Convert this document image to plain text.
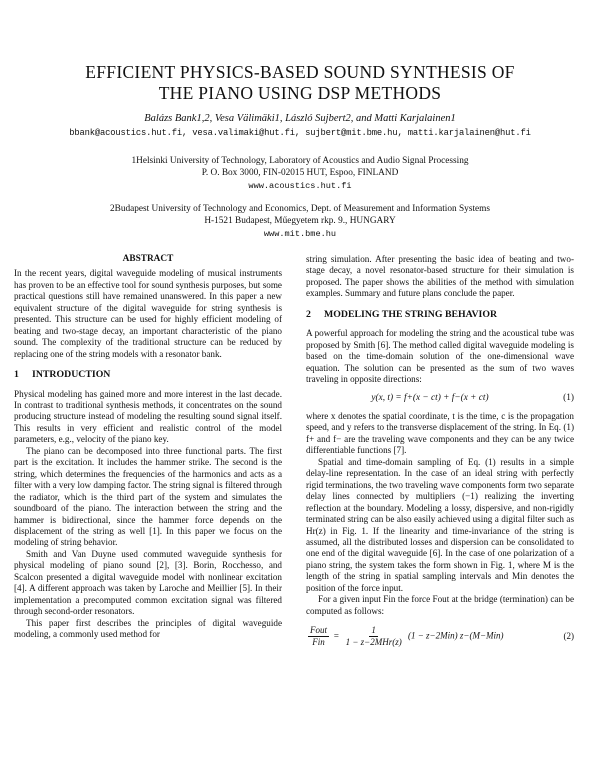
EFFICIENT PHYSICS-BASED SOUND SYNTHESIS OF
THE PIANO USING DSP METHODS
Balázs Bank1,2, Vesa Välimäki1, László Sujbert2, and Matti Karjalainen1
bbank@acoustics.hut.fi, vesa.valimaki@hut.fi, sujbert@mit.bme.hu, matti.karjalainen@hut.fi
1Helsinki University of Technology, Laboratory of Acoustics and Audio Signal Processing
P. O. Box 3000, FIN-02015 HUT, Espoo, FINLAND
www.acoustics.hut.fi
2Budapest University of Technology and Economics, Dept. of Measurement and Information Systems
H-1521 Budapest, Műegyetem rkp. 9., HUNGARY
www.mit.bme.hu

ABSTRACT

In the recent years, digital waveguide modeling of musical instruments has proven to be an effective tool for sound synthesis purposes, but some practical questions still have remained unanswered. In this paper a new equivalent structure of the digital waveguide for string synthesis is presented. This structure can be used for highly efficient modeling of beating and two-stage decay, an important characteristic of the piano sound. The complexity of the traditional structure can be reduced by replacing one of the string models with a resonator bank.

1 INTRODUCTION

Physical modeling has gained more and more interest in the last decade. In contrast to traditional synthesis methods, it concentrates on the sound producing structure instead of modeling the resulting sound signal itself. This results in very efficient and realistic control of the model parameters, e.g., velocity of the piano key.

The piano can be decomposed into three functional parts. The first part is the excitation. It includes the hammer strike. The second is the string, which determines the frequencies of the harmonics and acts as a filter with a very low damping factor. The string signal is filtered through the radiator, which is the third part of the system and simulates the soundboard of the piano. The interaction between the string and the hammer is bidirectional, since the hammer force depends on the displacement of the string as well [1]. In this paper we focus on the modeling of string behavior.

Smith and Van Duyne used commuted waveguide synthesis for physical modeling of piano sound [2], [3]. Borin, Rocchesso, and Scalcon presented a digital waveguide model with nonlinear excitation [4]. A different approach was taken by Laroche and Meillier [5]. In their implementation a precomputed common excitation signal was filtered through second-order resonators.

This paper first describes the principles of digital waveguide modeling, a commonly used method for

string simulation. After presenting the basic idea of beating and two-stage decay, a novel resonator-based structure for their simulation is proposed. The paper shows the abilities of the method with simulation examples. Summary and future plans conclude the paper.

2 MODELING THE STRING BEHAVIOR

A powerful approach for modeling the string and the acoustical tube was proposed by Smith [6]. The method called digital waveguide modeling is based on the time-domain solution of the one-dimensional wave equation. The solution can be presented as the sum of two waves traveling in opposite directions:

y(x, t) = f+(x − ct) + f−(x + ct)	(1)

where x denotes the spatial coordinate, t is the time, c is the propagation speed, and y refers to the transverse displacement of the string. In Eq. (1) f+ and f− are the traveling wave components and they can be any twice differentiable functions [7].

Spatial and time-domain sampling of Eq. (1) results in a simple delay-line representation. In the case of an ideal string with perfectly rigid terminations, the two traveling wave components form two separate delay lines connected by multipliers (−1) realizing the inverting reflection at the boundary. Modeling a lossy, dispersive, and non-rigidly terminated string can be also easily achieved using a digital filter such as Hr(z) in Fig. 1. If the linearity and time-invariance of the string is assumed, all the distributed losses and dispersion can be consolidated to one end of the digital waveguide [6]. In the case of one polarization of a piano string, the system takes the form shown in Fig. 1, where M is the length of the string in spatial sampling intervals and Min denotes the position of the force input.

For a given input Fin the force Fout at the bridge (termination) can be computed as follows:

$\frac{\text{Fout}}{\text{Fin}} = \frac{1}{\text{1 − z−2MHr(z)}} (1 - z-2Min)$ z−(M−Min)	(2)
